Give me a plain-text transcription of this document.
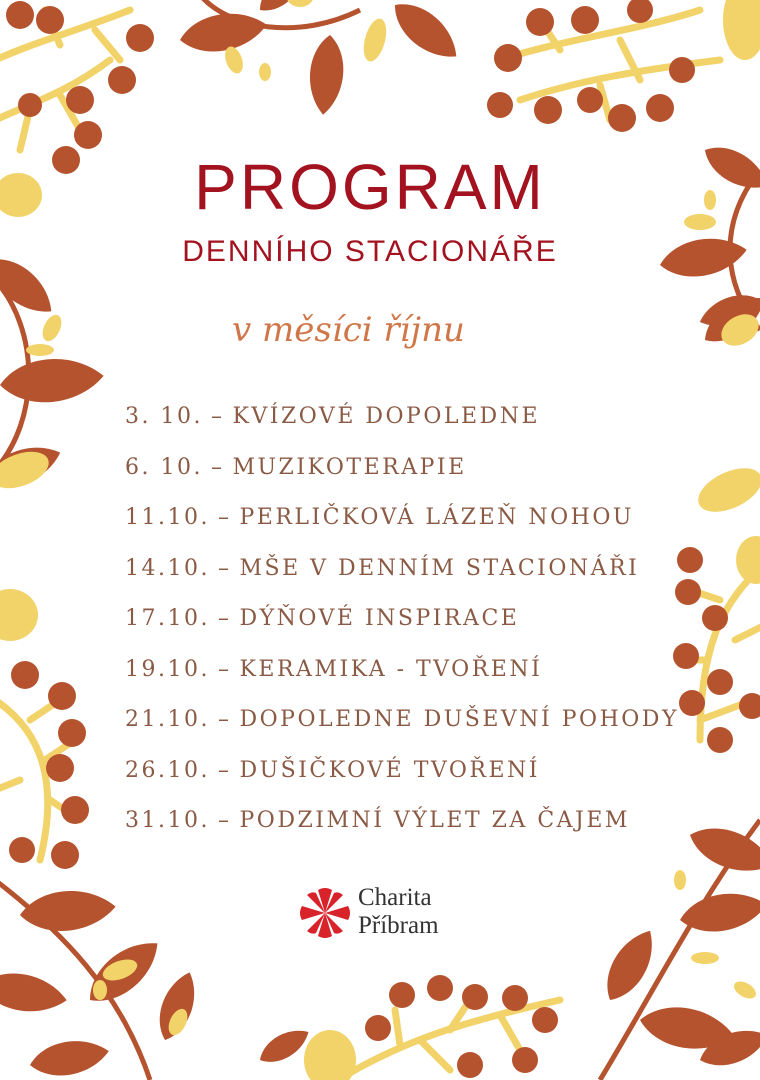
PROGRAM
DENNÍHO STACIONÁŘE
v měsíci říjnu
3. 10. – KVÍZOVÉ DOPOLEDNE
6. 10. – MUZIKOTERAPIE
11.10. – PERLIČKOVÁ LÁZEŇ NOHOU
14.10. – MŠE V DENNÍM STACIONÁŘI
17.10. – DÝŇOVÉ INSPIRACE
19.10. – KERAMIKA - TVOŘENÍ
21.10. – DOPOLEDNE DUŠEVNÍ POHODY
26.10. – DUŠIČKOVÉ TVOŘENÍ
31.10. – PODZIMNÍ VÝLET ZA ČAJEM
Charita
Příbram
